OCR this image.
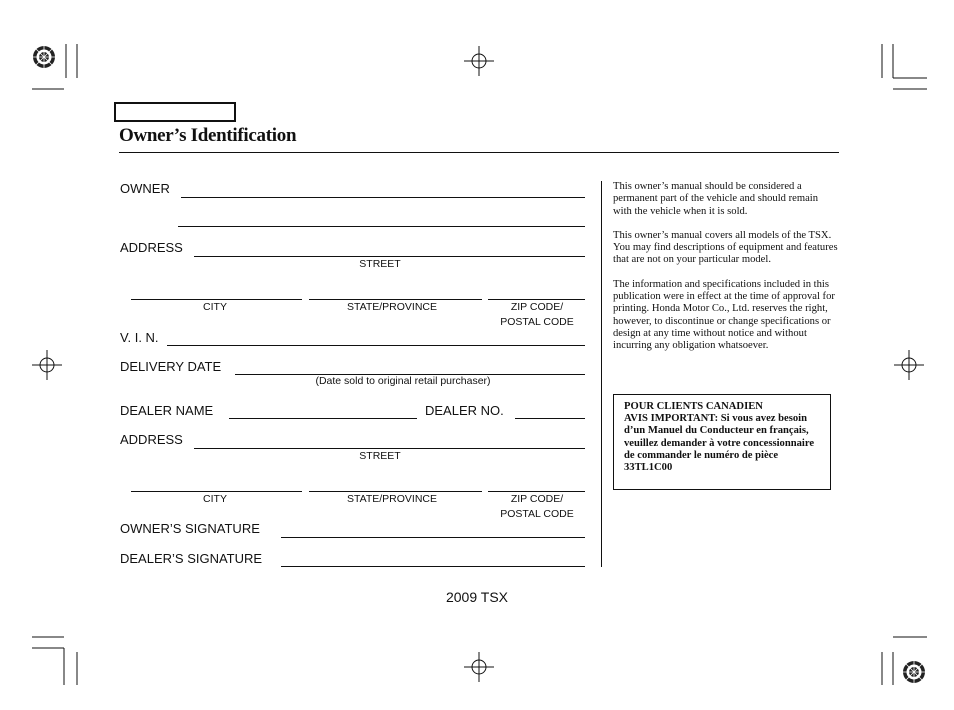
Owner’s Identification
OWNER
ADDRESS
STREET
CITY	STATE/PROVINCE	ZIP CODE/
POSTAL CODE
V. I. N.
DELIVERY DATE
(Date sold to original retail purchaser)
DEALER NAME	DEALER NO.
ADDRESS
STREET
CITY	STATE/PROVINCE	ZIP CODE/
POSTAL CODE
OWNER’S SIGNATURE
DEALER’S SIGNATURE

This owner’s manual should be considered a permanent part of the vehicle and should remain with the vehicle when it is sold.

This owner’s manual covers all models of the TSX. You may find descriptions of equipment and features that are not on your particular model.

The information and specifications included in this publication were in effect at the time of approval for printing. Honda Motor Co., Ltd. reserves the right, however, to discontinue or change specifications or design at any time without notice and without incurring any obligation whatsoever.

POUR CLIENTS CANADIEN
AVIS IMPORTANT: Si vous avez besoin d’un Manuel du Conducteur en français, veuillez demander à votre concessionnaire de commander le numéro de pièce 33TL1C00
2009 TSX
